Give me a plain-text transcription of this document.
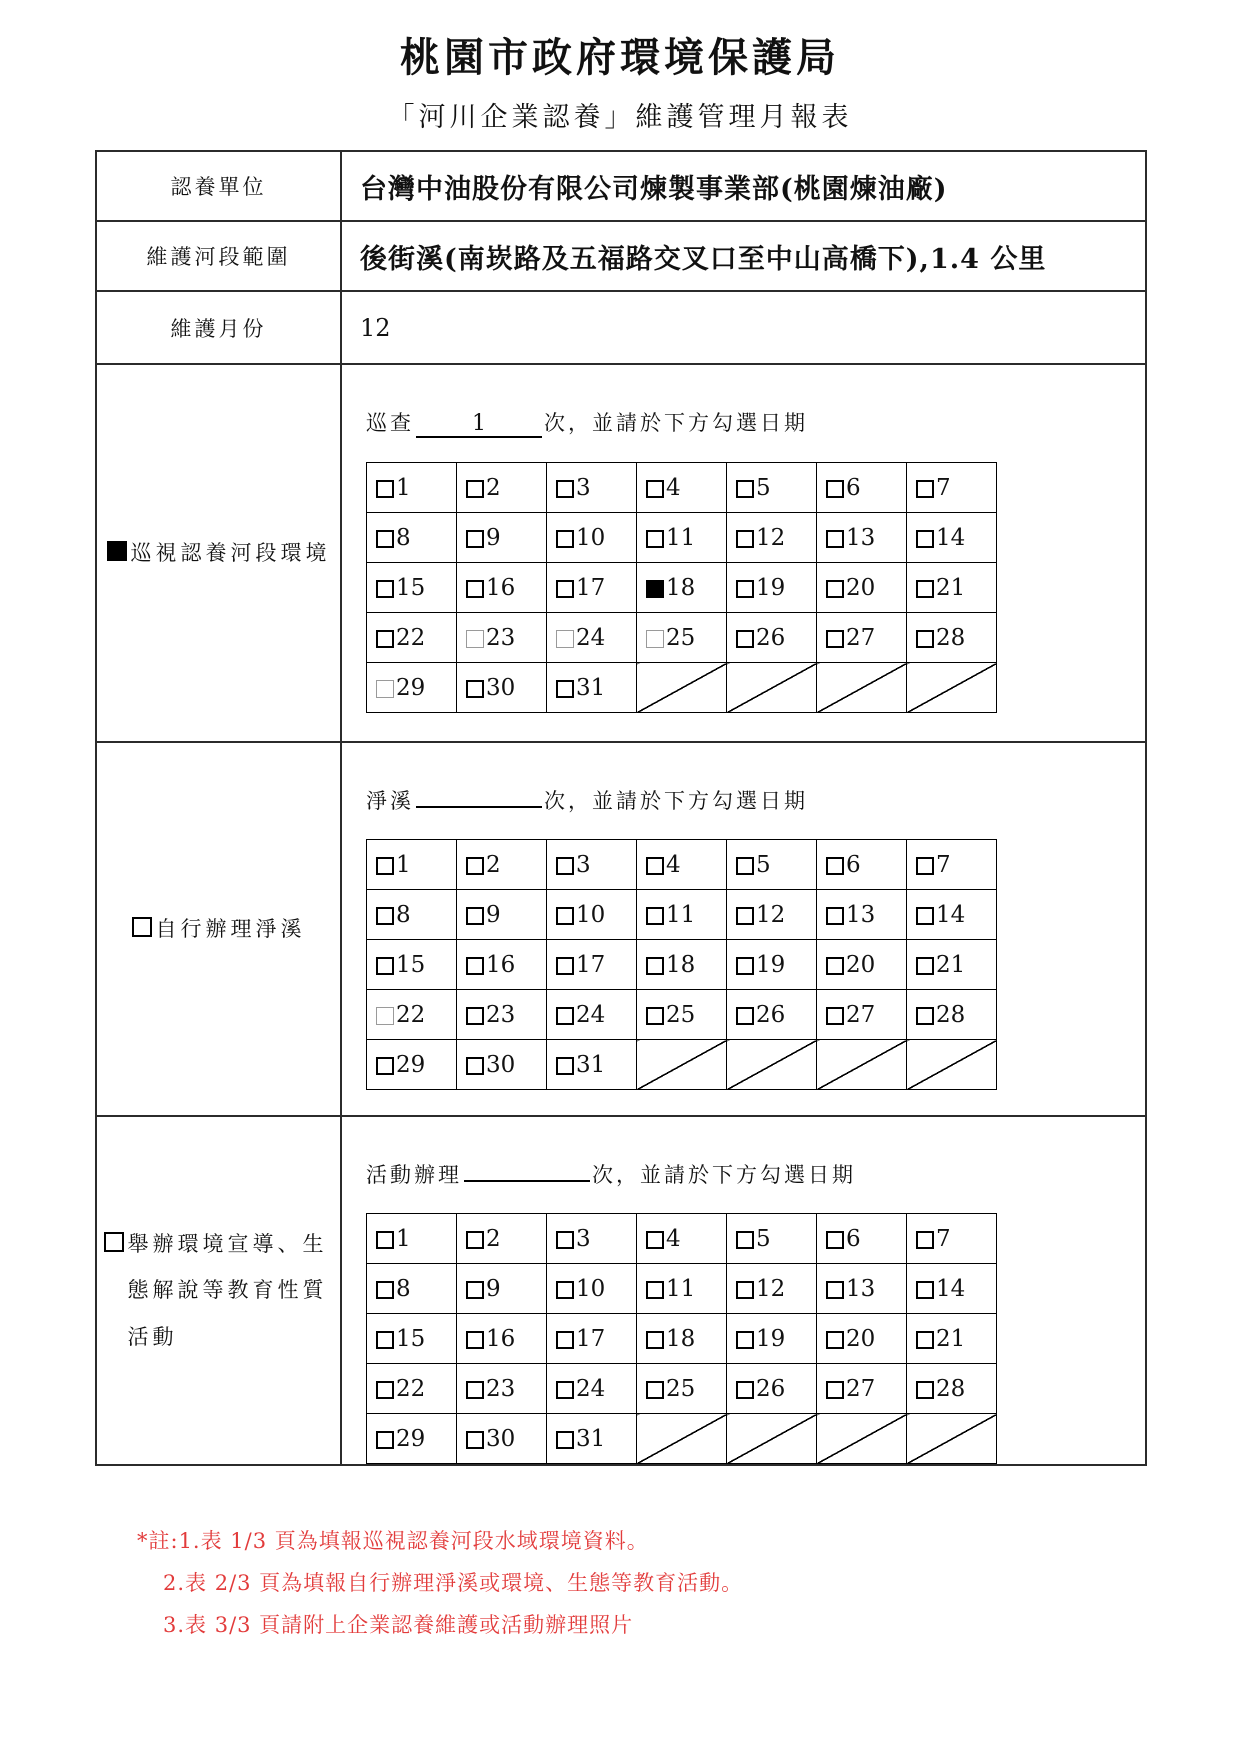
桃園市政府環境保護局
「河川企業認養」維護管理月報表
認養單位	台灣中油股份有限公司煉製事業部(桃園煉油廠)
維護河段範圍	後街溪(南崁路及五福路交叉口至中山高橋下),1.4 公里
維護月份	12

巡視認養河段環境

巡查	1	次，並請於下方勾選日期
1	2	3	4	5	6	7
8	9	10	11	12	13	14
15	16	17	18	19	20	21
22	23	24	25	26	27	28
29	30	31				

自行辦理淨溪

淨溪	次，並請於下方勾選日期
1	2	3	4	5	6	7
8	9	10	11	12	13	14
15	16	17	18	19	20	21
22	23	24	25	26	27	28
29	30	31				

舉辦環境宣導、生態解說等教育性質活動

活動辦理	次，並請於下方勾選日期
1	2	3	4	5	6	7
8	9	10	11	12	13	14
15	16	17	18	19	20	21
22	23	24	25	26	27	28
29	30	31				
*註:1.表 1/3 頁為填報巡視認養河段水域環境資料。
2.表 2/3 頁為填報自行辦理淨溪或環境、生態等教育活動。
3.表 3/3 頁請附上企業認養維護或活動辦理照片
